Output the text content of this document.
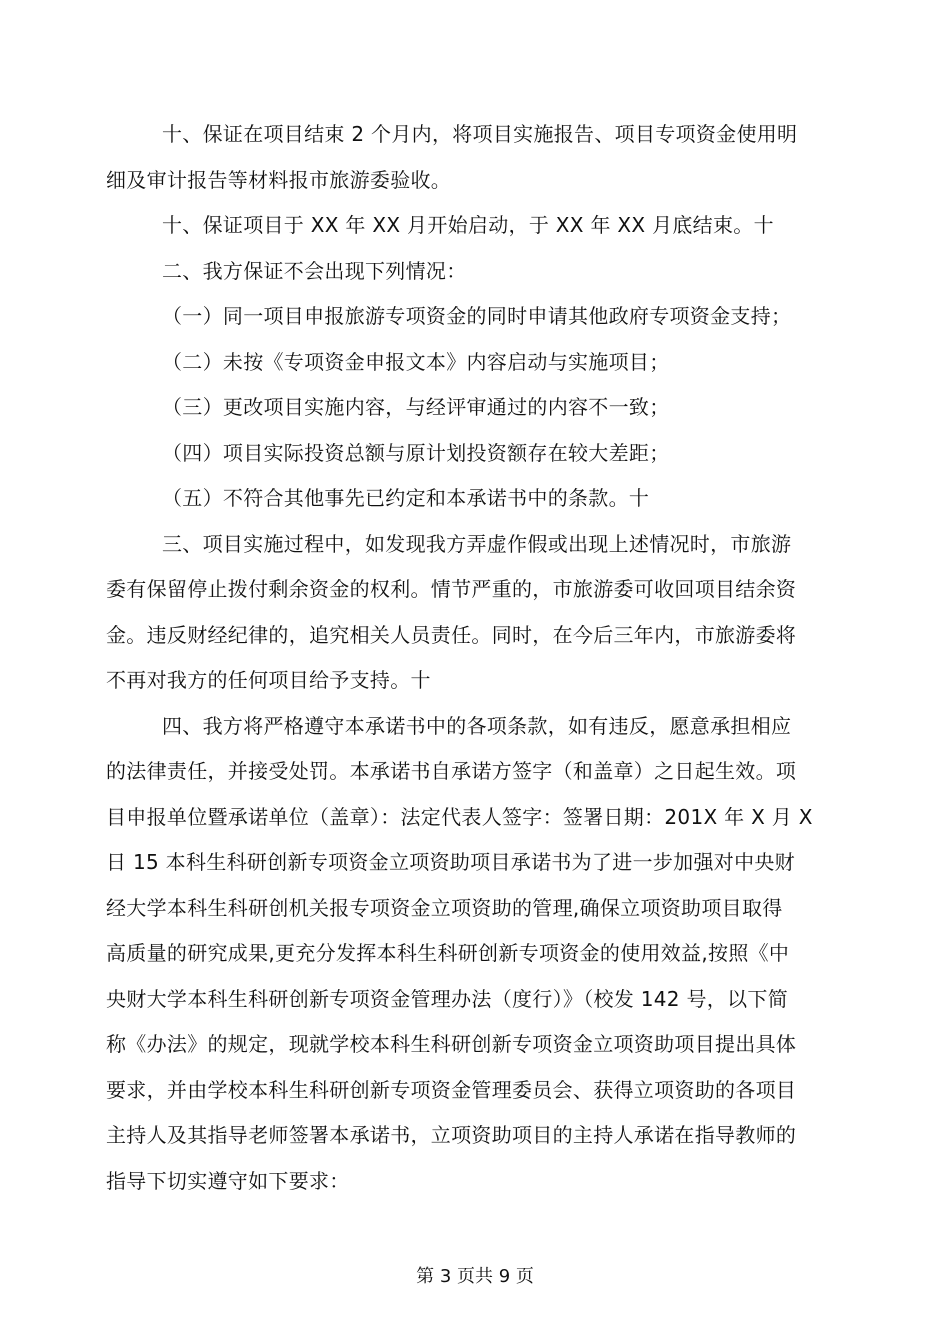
十、保证在项目结束 2 个月内，将项目实施报告、项目专项资金使用明
细及审计报告等材料报市旅游委验收。
十、保证项目于 XX 年 XX 月开始启动，于 XX 年 XX 月底结束。十
二、我方保证不会出现下列情况：
（一）同一项目申报旅游专项资金的同时申请其他政府专项资金支持；
（二）未按《专项资金申报文本》内容启动与实施项目；
（三）更改项目实施内容，与经评审通过的内容不一致；
（四）项目实际投资总额与原计划投资额存在较大差距；
（五）不符合其他事先已约定和本承诺书中的条款。十
三、项目实施过程中，如发现我方弄虚作假或出现上述情况时，市旅游
委有保留停止拨付剩余资金的权利。情节严重的，市旅游委可收回项目结余资
金。违反财经纪律的，追究相关人员责任。同时，在今后三年内，市旅游委将
不再对我方的任何项目给予支持。十
四、我方将严格遵守本承诺书中的各项条款，如有违反，愿意承担相应
的法律责任，并接受处罚。本承诺书自承诺方签字（和盖章）之日起生效。项
目申报单位暨承诺单位（盖章）：法定代表人签字：签署日期：201X 年 X 月 X
日 15 本科生科研创新专项资金立项资助项目承诺书为了进一步加强对中央财
经大学本科生科研创机关报专项资金立项资助的管理,确保立项资助项目取得
高质量的研究成果,更充分发挥本科生科研创新专项资金的使用效益,按照《中
央财大学本科生科研创新专项资金管理办法（度行）》（校发 142 号，以下简
称《办法》的规定，现就学校本科生科研创新专项资金立项资助项目提出具体
要求，并由学校本科生科研创新专项资金管理委员会、获得立项资助的各项目
主持人及其指导老师签署本承诺书，立项资助项目的主持人承诺在指导教师的
指导下切实遵守如下要求：
第 3 页共 9 页
